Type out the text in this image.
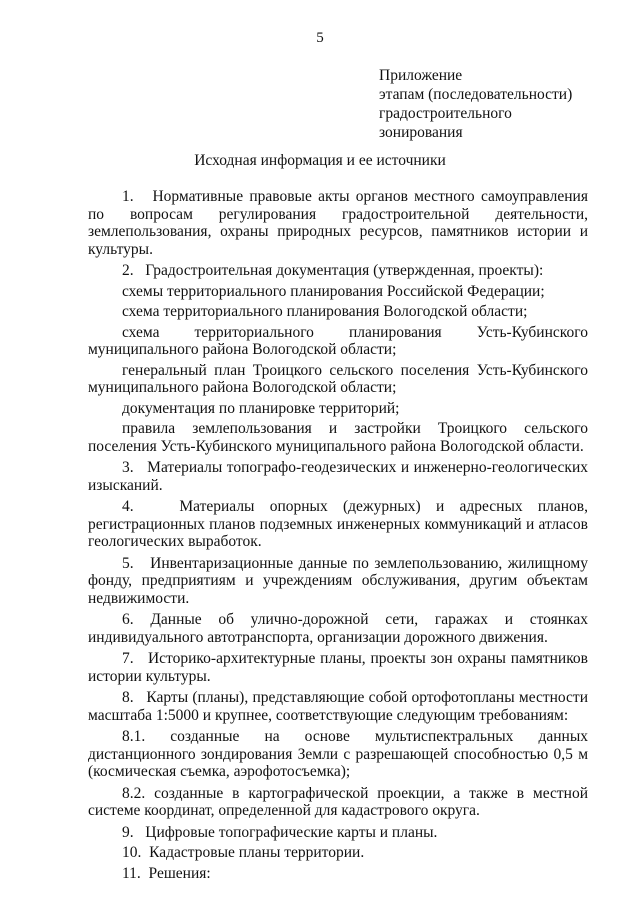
5
Приложение
этапам (последовательности)
градостроительного
зонирования
Исходная информация и ее источники

1.   Нормативные правовые акты органов местного самоуправления по вопросам регулирования градостроительной деятельности, землепользования, охраны природных ресурсов, памятников истории и культуры.

2.   Градостроительная документация (утвержденная, проекты):

схемы территориального планирования Российской Федерации;

схема территориального планирования Вологодской области;

схема территориального планирования Усть-Кубинского муниципального района Вологодской области;

генеральный план Троицкого сельского поселения Усть-Кубинского муниципального района Вологодской области;

документация по планировке территорий;

правила землепользования и застройки Троицкого сельского поселения Усть-Кубинского муниципального района Вологодской области.

3.   Материалы топографо-геодезических и инженерно-геологических изысканий.

4.   Материалы опорных (дежурных) и адресных планов, регистрационных планов подземных инженерных коммуникаций и атласов геологических выработок.

5.   Инвентаризационные данные по землепользованию, жилищному фонду, предприятиям и учреждениям обслуживания, другим объектам недвижимости.

6. Данные об улично-дорожной сети, гаражах и стоянках индивидуального автотранспорта, организации дорожного движения.

7.   Историко-архитектурные планы, проекты зон охраны памятников истории культуры.

8.   Карты (планы), представляющие собой ортофотопланы местности масштаба 1:5000 и крупнее, соответствующие следующим требованиям:

8.1. созданные на основе мультиспектральных данных дистанционного зондирования Земли с разрешающей способностью 0,5 м (космическая съемка, аэрофотосъемка);

8.2. созданные в картографической проекции, а также в местной системе координат, определенной для кадастрового округа.

9.   Цифровые топографические карты и планы.

10.  Кадастровые планы территории.

11.  Решения:
